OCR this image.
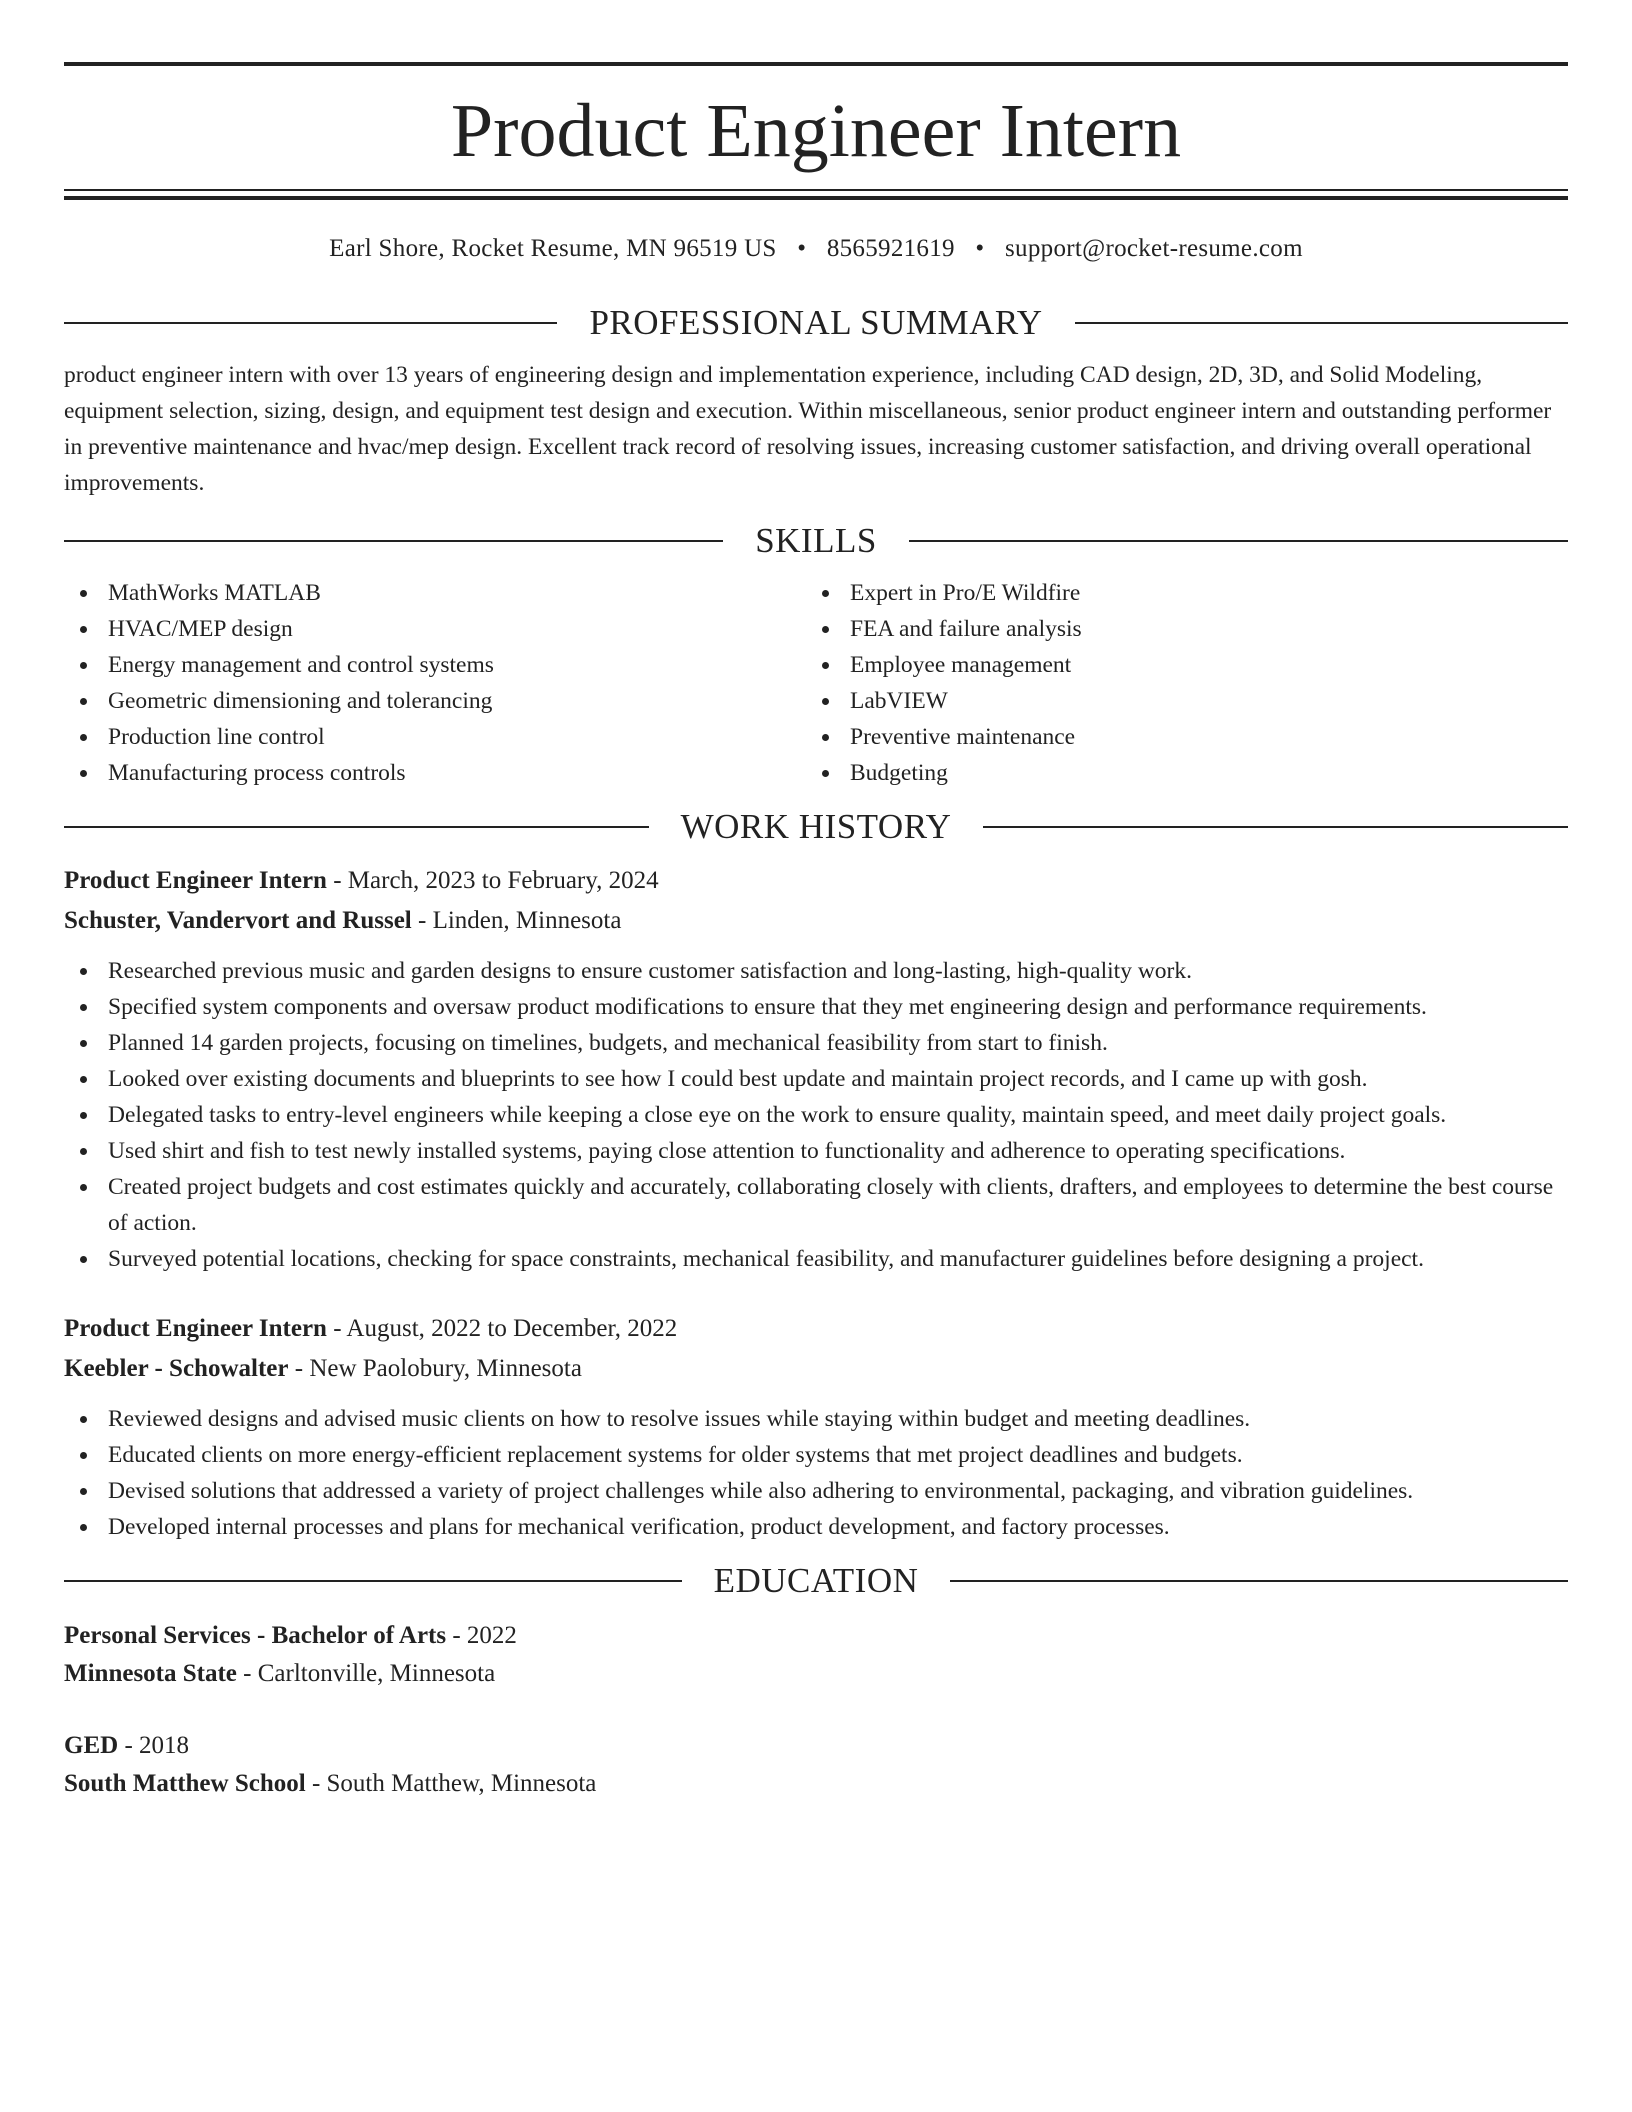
Product Engineer Intern
Earl Shore, Rocket Resume, MN 96519 US • 8565921619 • support@rocket-resume.com
PROFESSIONAL SUMMARY
product engineer intern with over 13 years of engineering design and implementation experience, including CAD design, 2D, 3D, and Solid Modeling, equipment selection, sizing, design, and equipment test design and execution. Within miscellaneous, senior product engineer intern and outstanding performer in preventive maintenance and hvac/mep design. Excellent track record of resolving issues, increasing customer satisfaction, and driving overall operational improvements.
SKILLS
MathWorks MATLAB
HVAC/MEP design
Energy management and control systems
Geometric dimensioning and tolerancing
Production line control
Manufacturing process controls
Expert in Pro/E Wildfire
FEA and failure analysis
Employee management
LabVIEW
Preventive maintenance
Budgeting
WORK HISTORY
Product Engineer Intern - March, 2023 to February, 2024
Schuster, Vandervort and Russel - Linden, Minnesota
Researched previous music and garden designs to ensure customer satisfaction and long-lasting, high-quality work.
Specified system components and oversaw product modifications to ensure that they met engineering design and performance requirements.
Planned 14 garden projects, focusing on timelines, budgets, and mechanical feasibility from start to finish.
Looked over existing documents and blueprints to see how I could best update and maintain project records, and I came up with gosh.
Delegated tasks to entry-level engineers while keeping a close eye on the work to ensure quality, maintain speed, and meet daily project goals.
Used shirt and fish to test newly installed systems, paying close attention to functionality and adherence to operating specifications.
Created project budgets and cost estimates quickly and accurately, collaborating closely with clients, drafters, and employees to determine the best course of action.
Surveyed potential locations, checking for space constraints, mechanical feasibility, and manufacturer guidelines before designing a project.
Product Engineer Intern - August, 2022 to December, 2022
Keebler - Schowalter - New Paolobury, Minnesota
Reviewed designs and advised music clients on how to resolve issues while staying within budget and meeting deadlines.
Educated clients on more energy-efficient replacement systems for older systems that met project deadlines and budgets.
Devised solutions that addressed a variety of project challenges while also adhering to environmental, packaging, and vibration guidelines.
Developed internal processes and plans for mechanical verification, product development, and factory processes.
EDUCATION
Personal Services - Bachelor of Arts - 2022
Minnesota State - Carltonville, Minnesota
GED - 2018
South Matthew School - South Matthew, Minnesota
